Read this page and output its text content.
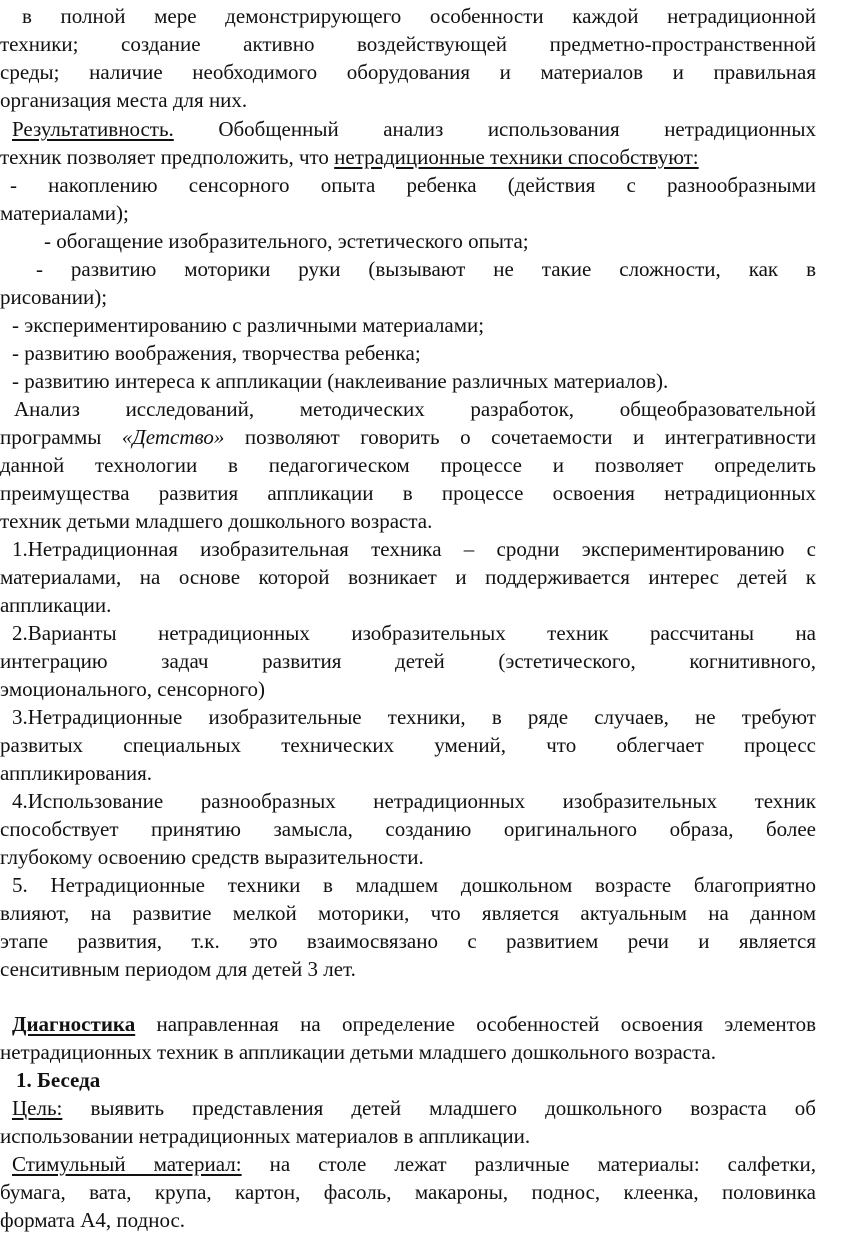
в полной мере демонстрирующего особенности каждой нетрадиционной
техники; создание активно воздействующей предметно-пространственной
среды; наличие необходимого оборудования и материалов и правильная
организация места для них.
Результативность. Обобщенный анализ использования нетрадиционных
техник позволяет предположить, что нетрадиционные техники способствуют:
- накоплению сенсорного опыта ребенка (действия с разнообразными
материалами);
- обогащение изобразительного, эстетического опыта;
- развитию моторики руки (вызывают не такие сложности, как в
рисовании);
- экспериментированию с различными материалами;
- развитию воображения, творчества ребенка;
- развитию интереса к аппликации (наклеивание различных материалов).
Анализ исследований, методических разработок, общеобразовательной
программы «Детство» позволяют говорить о сочетаемости и интегративности
данной технологии в педагогическом процессе и позволяет определить
преимущества развития аппликации в процессе освоения нетрадиционных
техник детьми младшего дошкольного возраста.
1.Нетрадиционная изобразительная техника – сродни экспериментированию с
материалами, на основе которой возникает и поддерживается интерес детей к
аппликации.
2.Варианты нетрадиционных изобразительных техник рассчитаны на
интеграцию задач развития детей (эстетического, когнитивного,
эмоционального, сенсорного)
3.Нетрадиционные изобразительные техники, в ряде случаев, не требуют
развитых специальных технических умений, что облегчает процесс
аппликирования.
4.Использование разнообразных нетрадиционных изобразительных техник
способствует принятию замысла, созданию оригинального образа, более
глубокому освоению средств выразительности.
5. Нетрадиционные техники в младшем дошкольном возрасте благоприятно
влияют, на развитие мелкой моторики, что является актуальным на данном
этапе развития, т.к. это взаимосвязано с развитием речи и является
сенситивным периодом для детей 3 лет.
Диагностика направленная на определение особенностей освоения элементов
нетрадиционных техник в аппликации детьми младшего дошкольного возраста.
1. Беседа
Цель: выявить представления детей младшего дошкольного возраста об
использовании нетрадиционных материалов в аппликации.
Стимульный материал: на столе лежат различные материалы: салфетки,
бумага, вата, крупа, картон, фасоль, макароны, поднос, клеенка, половинка
формата А4, поднос.
